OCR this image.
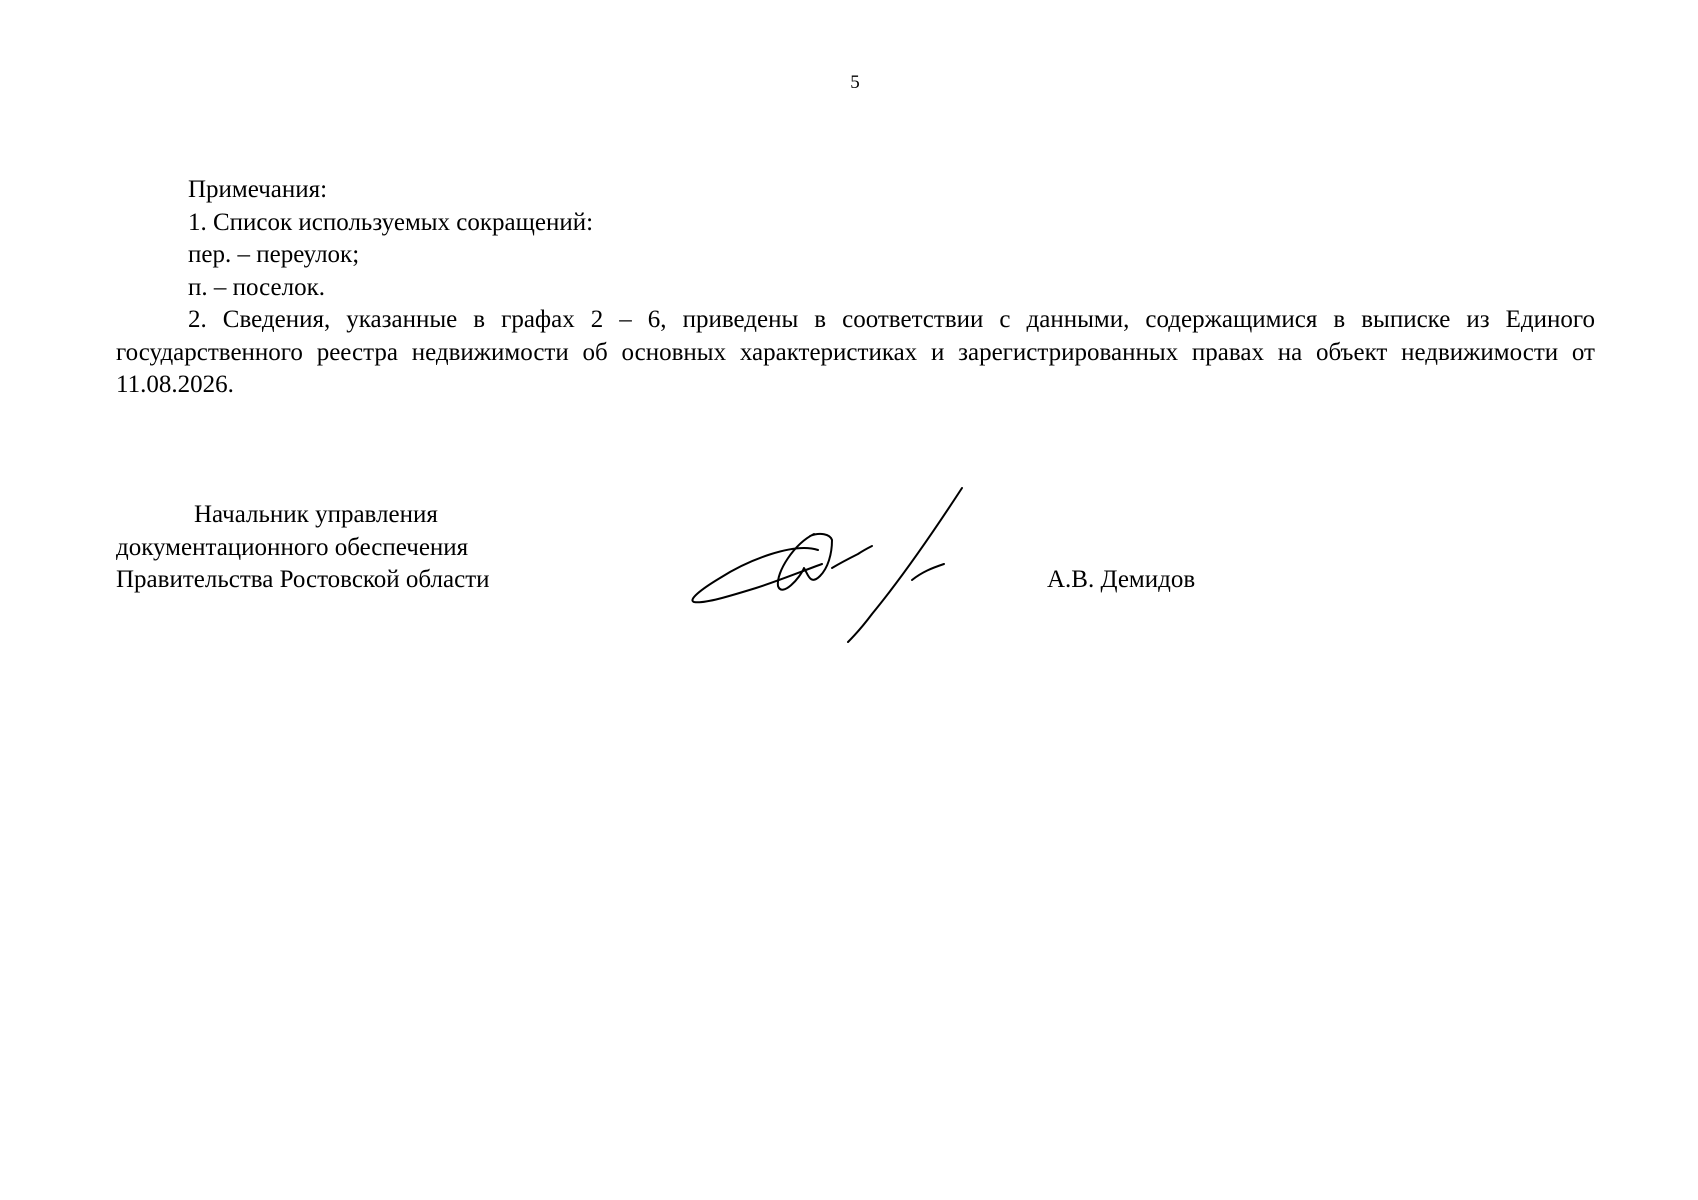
5

Примечания:

1. Список используемых сокращений:

пер. – переулок;

п. – поселок.

2. Сведения, указанные в графах 2 – 6, приведены в соответствии с данными, содержащимися в выписке из Единого государственного реестра недвижимости об основных характеристиках и зарегистрированных правах на объект недвижимости от 11.08.2026.

Начальник управления
документационного обеспечения
Правительства Ростовской области	А.В. Демидов
